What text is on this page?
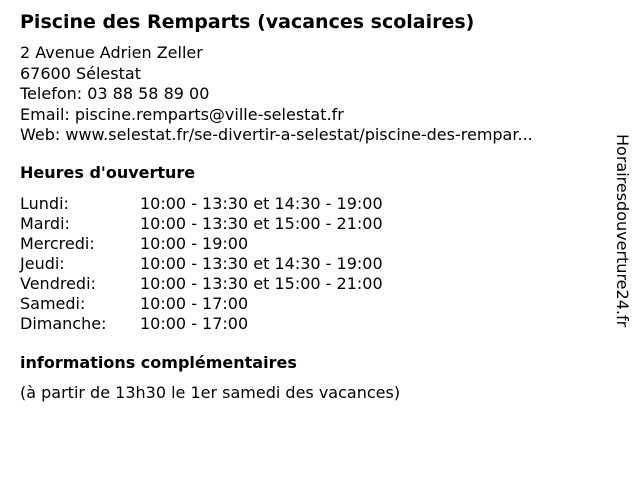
Piscine des Remparts (vacances scolaires)
2 Avenue Adrien Zeller
67600 Sélestat
Telefon: 03 88 58 89 00
Email: piscine.remparts@ville-selestat.fr
Web: www.selestat.fr/se-divertir-a-selestat/piscine-des-rempar...
Heures d'ouverture
Lundi:	10:00 - 13:30 et 14:30 - 19:00
Mardi:	10:00 - 13:30 et 15:00 - 21:00
Mercredi:	10:00 - 19:00
Jeudi:	10:00 - 13:30 et 14:30 - 19:00
Vendredi:	10:00 - 13:30 et 15:00 - 21:00
Samedi:	10:00 - 17:00
Dimanche: 10:00 - 17:00
informations complémentaires
(à partir de 13h30 le 1er samedi des vacances)
Horairesdouverture24.fr
